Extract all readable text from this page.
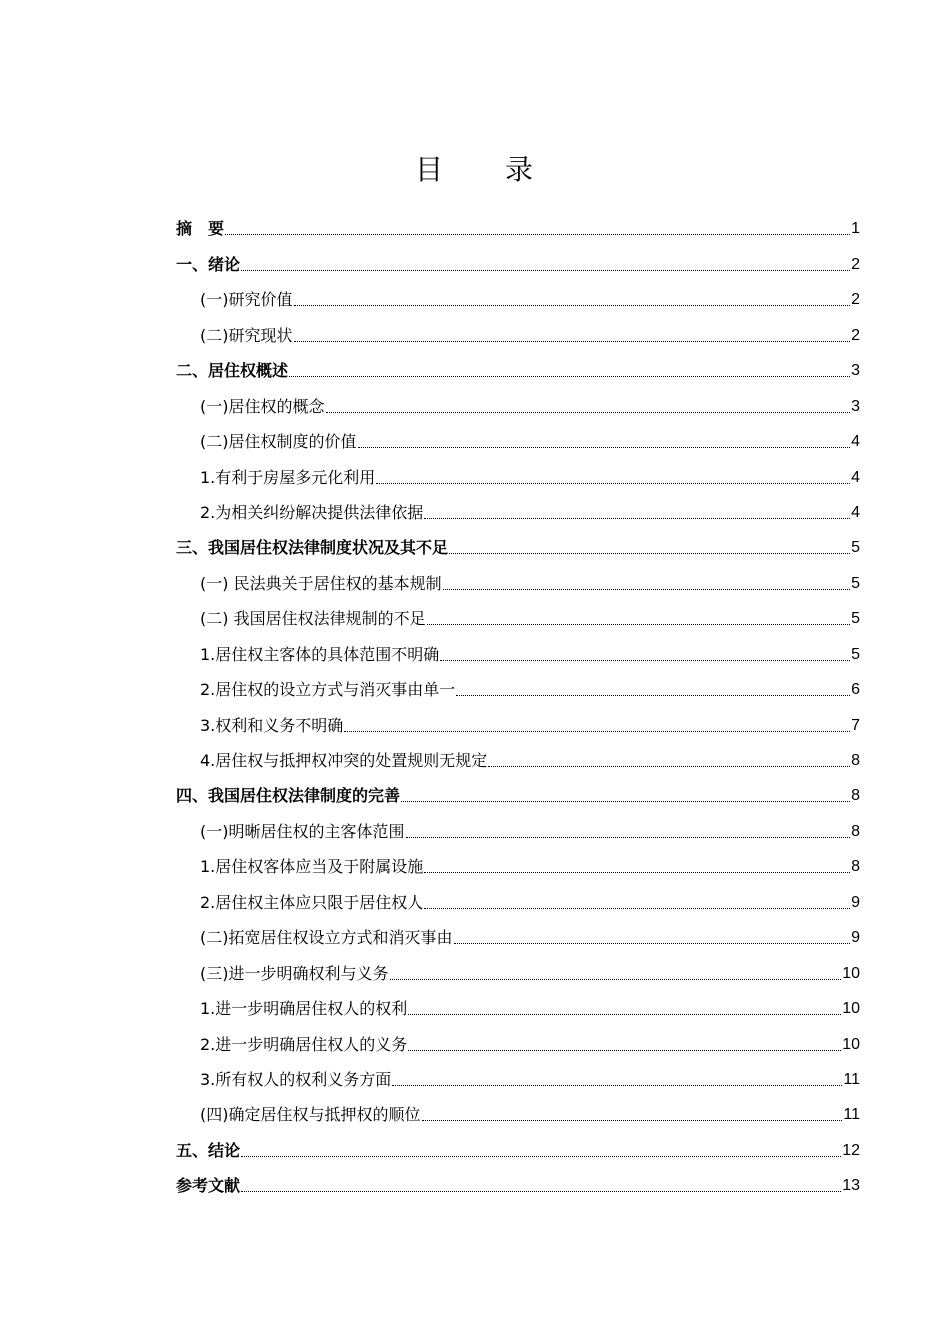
目　　录
摘　要	1
一、绪论	2
(一)研究价值	2
(二)研究现状	2
二、居住权概述	3
(一)居住权的概念	3
(二)居住权制度的价值	4
1.有利于房屋多元化利用	4
2.为相关纠纷解决提供法律依据	4
三、我国居住权法律制度状况及其不足	5
(一) 民法典关于居住权的基本规制	5
(二) 我国居住权法律规制的不足	5
1.居住权主客体的具体范围不明确	5
2.居住权的设立方式与消灭事由单一	6
3.权利和义务不明确	7
4.居住权与抵押权冲突的处置规则无规定	8
四、我国居住权法律制度的完善	8
(一)明晰居住权的主客体范围	8
1.居住权客体应当及于附属设施	8
2.居住权主体应只限于居住权人	9
(二)拓宽居住权设立方式和消灭事由	9
(三)进一步明确权利与义务	10
1.进一步明确居住权人的权利	10
2.进一步明确居住权人的义务	10
3.所有权人的权利义务方面	11
(四)确定居住权与抵押权的顺位	11
五、结论	12
参考文献	13
